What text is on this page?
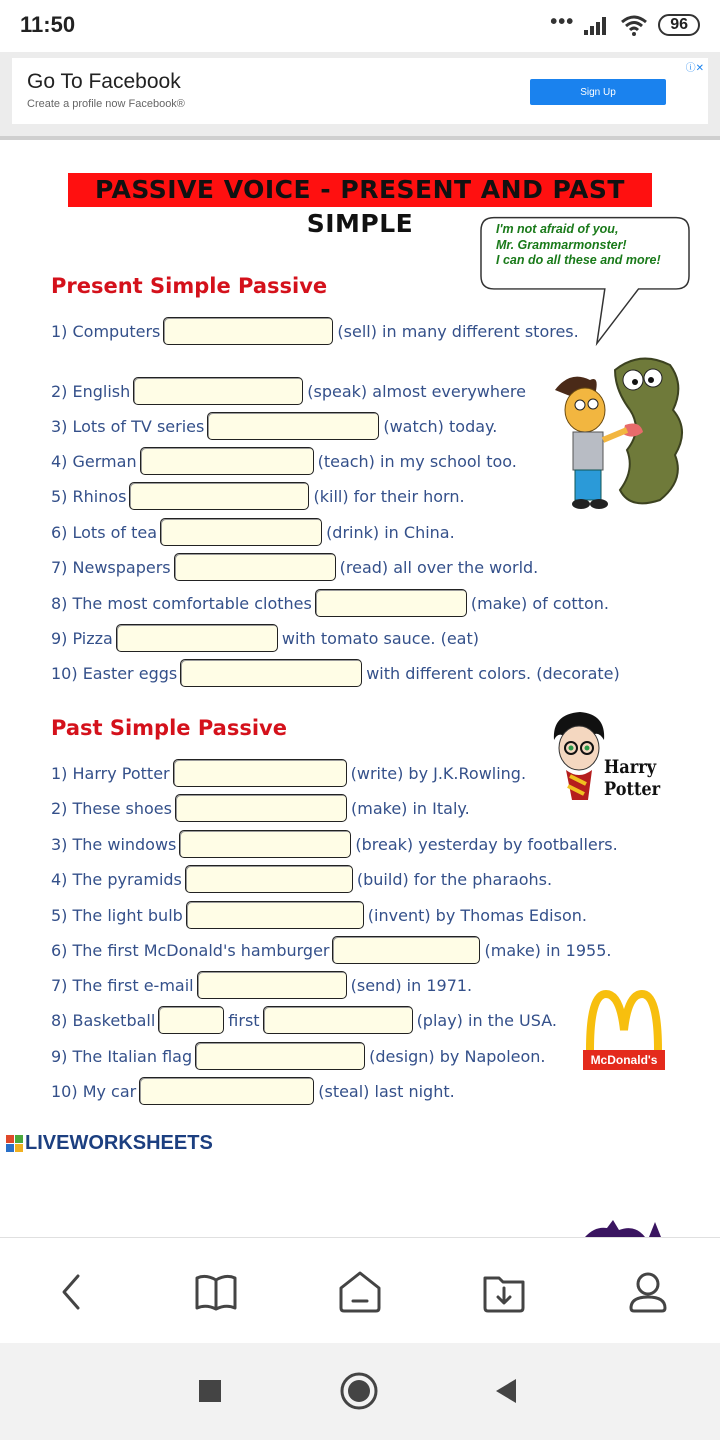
11:50	•••	96
Go To Facebook
Create a profile now Facebook®
Sign Up
ⓘ✕
PASSIVE VOICE - PRESENT AND PAST SIMPLE	I'm not afraid of you,
Mr. Grammarmonster!
I can do all these and more!
Present Simple Passive
1) Computers	(sell) in many different stores.
2) English	(speak) almost everywhere
3) Lots of TV series	(watch) today.
4) German	(teach) in my school too.
5) Rhinos	(kill) for their horn.
6) Lots of tea	(drink) in China.
7) Newspapers	(read) all over the world.
8) The most comfortable clothes	(make) of cotton.
9) Pizza	with tomato sauce. (eat)
10) Easter eggs	with different colors. (decorate)
Past Simple Passive
Harry Potter
1) Harry Potter	(write) by J.K.Rowling.
2) These shoes	(make) in Italy.
3) The windows	(break) yesterday by footballers.
4) The pyramids	(build) for the pharaohs.
5) The light bulb	(invent) by Thomas Edison.
6) The first McDonald's hamburger	(make) in 1955.
7) The first e-mail	(send) in 1971.
8) Basketball	first	(play) in the USA.
9) The Italian flag	(design) by Napoleon.
10) My car	(steal) last night.
McDonald's
LIVEWORKSHEETS
